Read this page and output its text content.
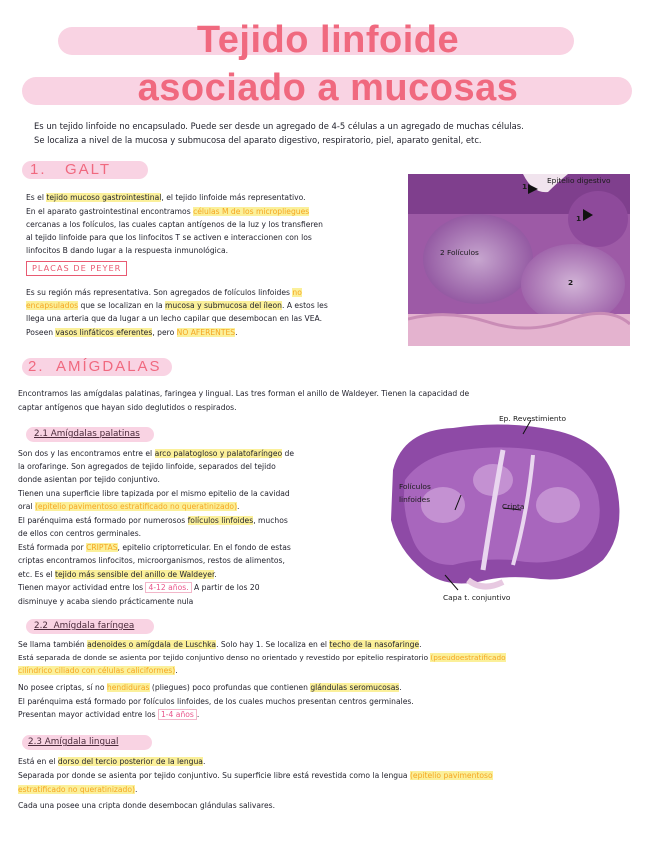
Tejido linfoide
asociado a mucosas
Es un tejido linfoide no encapsulado. Puede ser desde un agregado de 4-5 células a un agregado de muchas células.
Se localiza a nivel de la mucosa y submucosa del aparato digestivo, respiratorio, piel, aparato genital, etc.
1.   GALT
Es el tejido mucoso gastrointestinal, el tejido linfoide más representativo.
En el aparato gastrointestinal encontramos células M de los micropliegues
cercanas a los folículos, las cuales captan antígenos de la luz y los transfieren
al tejido linfoide para que los linfocitos T se activen e interaccionen con los
linfocitos B dando lugar a la respuesta inmunológica.
PLACAS DE PEYER
Es su región más representativa. Son agregados de folículos linfoides no
encapsulados que se localizan en la mucosa y submucosa del íleon. A estos les
llega una arteria que da lugar a un lecho capilar que desembocan en las VEA.
Poseen vasos linfáticos eferentes, pero NO AFERENTES.
Epitelio digestivo
1
1
2 Folículos
2
2.  AMÍGDALAS
Encontramos las amígdalas palatinas, faringea y lingual. Las tres forman el anillo de Waldeyer. Tienen la capacidad de
captar antígenos que hayan sido deglutidos o respirados.
2.1 Amígdalas palatinas
Son dos y las encontramos entre el arco palatogloso y palatofaríngeo de
la orofaringe. Son agregados de tejido linfoide, separados del tejido
donde asientan por tejido conjuntivo.
Tienen una superficie libre tapizada por el mismo epitelio de la cavidad
oral (epitelio pavimentoso estratificado no queratinizado).
El parénquima está formado por numerosos folículos linfoides, muchos
de ellos con centros germinales.
Está formada por CRIPTAS, epitelio criptorreticular. En el fondo de estas
criptas encontramos linfocitos, microorganismos, restos de alimentos,
etc. Es el tejido más sensible del anillo de Waldeyer.
Tienen mayor actividad entre los 4-12 años. A partir de los 20
disminuye y acaba siendo prácticamente nula
Ep. Revestimiento
Folículos
linfoides
Cripta
Capa t. conjuntivo
2.2  Amígdala faríngea
Se llama también adenoides o amígdala de Luschka. Solo hay 1. Se localiza en el techo de la nasofaringe.
Está separada de donde se asienta por tejido conjuntivo denso no orientado y revestido por epitelio respiratorio (pseudoestratificado
cilíndrico ciliado con células caliciformes).
No posee criptas, sí no hendiduras (pliegues) poco profundas que contienen glándulas seromucosas.
El parénquima está formado por folículos linfoides, de los cuales muchos presentan centros germinales.
Presentan mayor actividad entre los 1-4 años .
2.3 Amígdala lingual
Está en el dorso del tercio posterior de la lengua.
Separada por donde se asienta por tejido conjuntivo. Su superficie libre está revestida como la lengua (epitelio pavimentoso
estratificado no queratinizado).
Cada una posee una cripta donde desembocan glándulas salivares.
